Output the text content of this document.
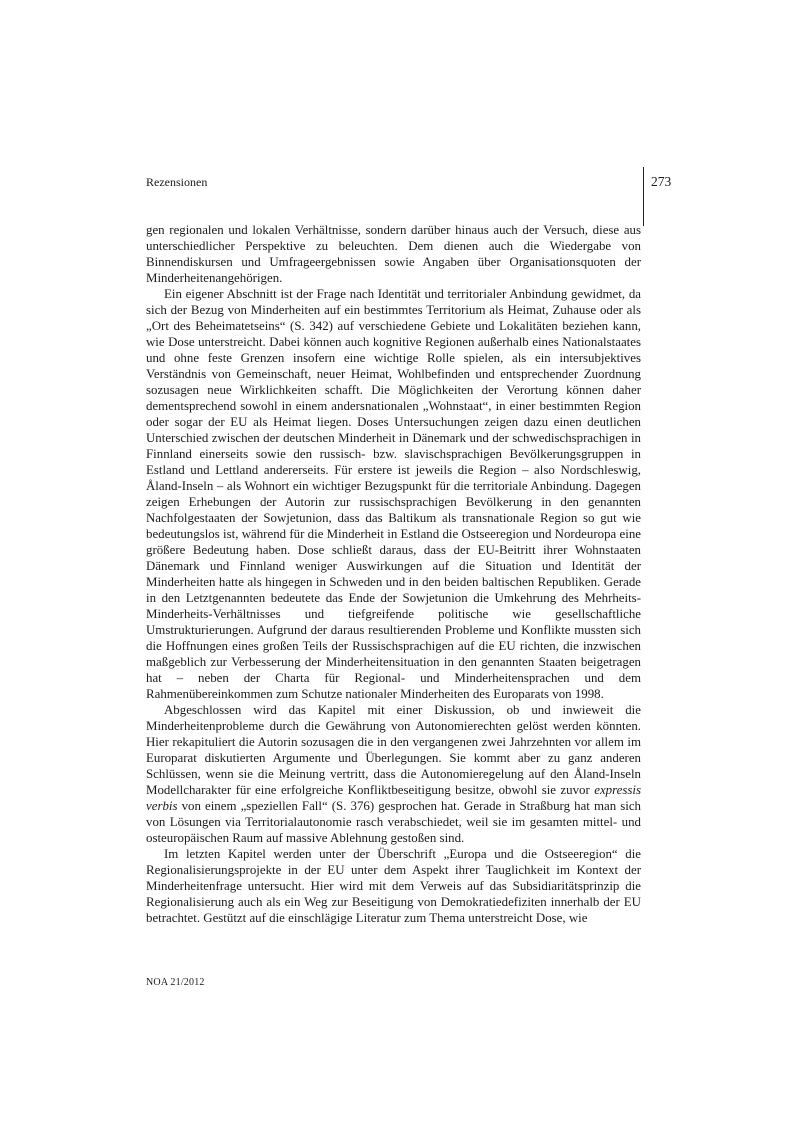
Rezensionen	273

gen regionalen und lokalen Verhältnisse, sondern darüber hinaus auch der Versuch, diese aus unterschiedlicher Perspektive zu beleuchten. Dem dienen auch die Wiedergabe von Binnendiskursen und Umfrageergebnissen sowie Angaben über Organisationsquoten der Minderheitenangehörigen.

Ein eigener Abschnitt ist der Frage nach Identität und territorialer Anbindung gewidmet, da sich der Bezug von Minderheiten auf ein bestimmtes Territorium als Heimat, Zuhause oder als „Ort des Beheimatetseins“ (S. 342) auf verschiedene Gebiete und Lokalitäten beziehen kann, wie Dose unterstreicht. Dabei können auch kognitive Regionen außerhalb eines Nationalstaates und ohne feste Grenzen insofern eine wichtige Rolle spielen, als ein intersubjektives Verständnis von Gemeinschaft, neuer Heimat, Wohlbefinden und entsprechender Zuordnung sozusagen neue Wirklichkeiten schafft. Die Möglichkeiten der Verortung können daher dementsprechend sowohl in einem andersnationalen „Wohnstaat“, in einer bestimmten Region oder sogar der EU als Heimat liegen. Doses Untersuchungen zeigen dazu einen deutlichen Unterschied zwischen der deutschen Minderheit in Dänemark und der schwedischsprachigen in Finnland einerseits sowie den russisch- bzw. slavischsprachigen Bevölkerungsgruppen in Estland und Lettland andererseits. Für erstere ist jeweils die Region – also Nordschleswig, Åland-Inseln – als Wohnort ein wichtiger Bezugspunkt für die territoriale Anbindung. Dagegen zeigen Erhebungen der Autorin zur russischsprachigen Bevölkerung in den genannten Nachfolgestaaten der Sowjetunion, dass das Baltikum als transnationale Region so gut wie bedeutungslos ist, während für die Minderheit in Estland die Ostseeregion und Nordeuropa eine größere Bedeutung haben. Dose schließt daraus, dass der EU-Beitritt ihrer Wohnstaaten Dänemark und Finnland weniger Auswirkungen auf die Situation und Identität der Minderheiten hatte als hingegen in Schweden und in den beiden baltischen Republiken. Gerade in den Letztgenannten bedeutete das Ende der Sowjetunion die Umkehrung des Mehrheits-Minderheits-Verhältnisses und tiefgreifende politische wie gesellschaftliche Umstrukturierungen. Aufgrund der daraus resultierenden Probleme und Konflikte mussten sich die Hoffnungen eines großen Teils der Russischsprachigen auf die EU richten, die inzwischen maßgeblich zur Verbesserung der Minderheitensituation in den genannten Staaten beigetragen hat – neben der Charta für Regional- und Minderheitensprachen und dem Rahmenübereinkommen zum Schutze nationaler Minderheiten des Europarats von 1998.

Abgeschlossen wird das Kapitel mit einer Diskussion, ob und inwieweit die Minderheitenprobleme durch die Gewährung von Autonomierechten gelöst werden könnten. Hier rekapituliert die Autorin sozusagen die in den vergangenen zwei Jahrzehnten vor allem im Europarat diskutierten Argumente und Überlegungen. Sie kommt aber zu ganz anderen Schlüssen, wenn sie die Meinung vertritt, dass die Autonomieregelung auf den Åland-Inseln Modellcharakter für eine erfolgreiche Konfliktbeseitigung besitze, obwohl sie zuvor expressis verbis von einem „speziellen Fall“ (S. 376) gesprochen hat. Gerade in Straßburg hat man sich von Lösungen via Territorialautonomie rasch verabschiedet, weil sie im gesamten mittel- und osteuropäischen Raum auf massive Ablehnung gestoßen sind.

Im letzten Kapitel werden unter der Überschrift „Europa und die Ostseeregion“ die Regionalisierungsprojekte in der EU unter dem Aspekt ihrer Tauglichkeit im Kontext der Minderheitenfrage untersucht. Hier wird mit dem Verweis auf das Subsidiaritätsprinzip die Regionalisierung auch als ein Weg zur Beseitigung von Demokratiedefiziten innerhalb der EU betrachtet. Gestützt auf die einschlägige Literatur zum Thema unterstreicht Dose, wie

NOA 21/2012
